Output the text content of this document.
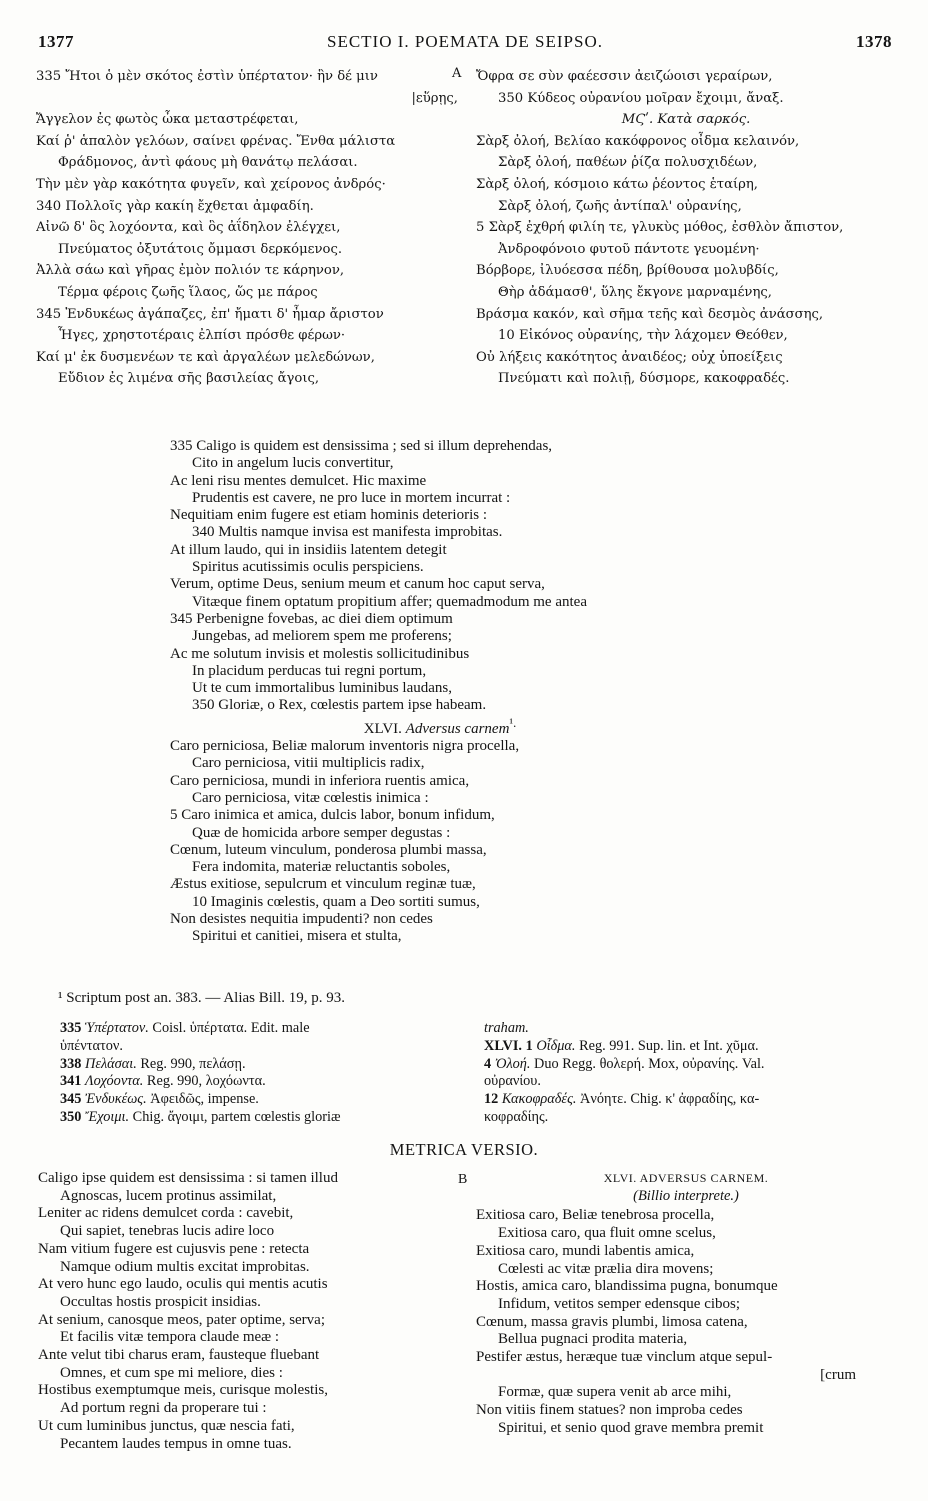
1377	SECTIO I. POEMATA DE SEIPSO.	1378
A

335 Ἤτοι ὁ μὲν σκότος ἐστὶν ὑπέρτατον· ἣν δέ μιν

|εὕρῃς,

Ἄγγελον ἐς φωτὸς ὦκα μεταστρέφεται,

Καί ῥ' ἁπαλὸν γελόων, σαίνει φρένας. Ἔνθα μάλιστα

Φράδμονος, ἀντὶ φάους μὴ θανάτῳ πελάσαι.

Τὴν μὲν γὰρ κακότητα φυγεῖν, καὶ χείρονος ἀνδρός·

340 Πολλοῖς γὰρ κακίη ἔχθεται ἀμφαδίη.

Αἰνῶ δ' ὃς λοχόοντα, καὶ ὃς ἀΐδηλον ἐλέγχει,

Πνεύματος ὀξυτάτοις ὄμμασι δερκόμενος.

Ἀλλὰ σάω καὶ γῆρας ἐμὸν πολιόν τε κάρηνον,

Τέρμα φέροις ζωῆς ἵλαος, ὥς με πάρος

345 Ἐνδυκέως ἀγάπαζες, ἐπ' ἤματι δ' ἦμαρ ἄριστον

Ἧγες, χρηστοτέραις ἐλπίσι πρόσθε φέρων·

Καί μ' ἐκ δυσμενέων τε καὶ ἀργαλέων μελεδώνων,

Εὔδιον ἐς λιμένα σῆς βασιλείας ἄγοις,

Ὄφρα σε σὺν φαέεσσιν ἀειζώοισι γεραίρων,

350 Κύδεος οὐρανίου μοῖραν ἔχοιμι, ἄναξ.

ΜϚʹ. Κατὰ σαρκός.

Σὰρξ ὀλοή, Βελίαο κακόφρονος οἶδμα κελαινόν,

Σὰρξ ὀλοή, παθέων ῥίζα πολυσχιδέων,

Σὰρξ ὀλοή, κόσμοιο κάτω ῥέοντος ἑταίρη,

Σὰρξ ὀλοή, ζωῆς ἀντίπαλ' οὐρανίης,

5 Σὰρξ ἐχθρή φιλίη τε, γλυκὺς μόθος, ἐσθλὸν ἄπιστον,

Ἀνδροφόνοιο φυτοῦ πάντοτε γευομένη·

Βόρβορε, ἰλυόεσσα πέδη, βρίθουσα μολυβδίς,

Θὴρ ἀδάμασθ', ὕλης ἔκγονε μαρναμένης,

Βράσμα κακόν, καὶ σῆμα τεῆς καὶ δεσμὸς ἀνάσσης,

10 Εἰκόνος οὐρανίης, τὴν λάχομεν Θεόθεν,

Οὐ λήξεις κακότητος ἀναιδέος; οὐχ ὑποείξεις

Πνεύματι καὶ πολιῇ, δύσμορε, κακοφραδές.

335 Caligo is quidem est densissima ; sed si illum deprehendas,

Cito in angelum lucis convertitur,

Ac leni risu mentes demulcet. Hic maxime

Prudentis est cavere, ne pro luce in mortem incurrat :

Nequitiam enim fugere est etiam hominis deterioris :

340 Multis namque invisa est manifesta improbitas.

At illum laudo, qui in insidiis latentem detegit

Spiritus acutissimis oculis perspiciens.

Verum, optime Deus, senium meum et canum hoc caput serva,

Vitæque finem optatum propitium affer; quemadmodum me antea

345 Perbenigne fovebas, ac diei diem optimum

Jungebas, ad meliorem spem me proferens;

Ac me solutum invisis et molestis sollicitudinibus

In placidum perducas tui regni portum,

Ut te cum immortalibus luminibus laudans,

350 Gloriæ, o Rex, cœlestis partem ipse habeam.

XLVI. Adversus carnem$^{^1.}$

Caro perniciosa, Beliæ malorum inventoris nigra procella,

Caro perniciosa, vitii multiplicis radix,

Caro perniciosa, mundi in inferiora ruentis amica,

Caro perniciosa, vitæ cœlestis inimica :

5 Caro inimica et amica, dulcis labor, bonum infidum,

Quæ de homicida arbore semper degustas :

Cœnum, luteum vinculum, ponderosa plumbi massa,

Fera indomita, materiæ reluctantis soboles,

Æstus exitiose, sepulcrum et vinculum reginæ tuæ,

10 Imaginis cœlestis, quam a Deo sortiti sumus,

Non desistes nequitia impudenti? non cedes

Spiritui et canitiei, misera et stulta,

¹ Scriptum post an. 383. — Alias Bill. 19, p. 93.

335 Ὑπέρτατον. Coisl. ὑπέρτατα. Edit. male

ὑπέντατον.

338 Πελάσαι. Reg. 990, πελάσῃ.

341 Λοχόοντα. Reg. 990, λοχόωντα.

345 Ἐνδυκέως. Ἀφειδῶς, impense.

350 Ἔχοιμι. Chig. ἄγοιμι, partem cœlestis gloriæ

traham.

XLVI. 1 Οἶδμα. Reg. 991. Sup. lin. et Int. χῦμα.

4 Ὀλοή. Duo Regg. θολερή. Mox, οὐρανίης. Val.

οὐρανίου.

12 Κακοφραδές. Ἀνόητε. Chig. κ' ἀφραδίης, κα-

κοφραδίης.

METRICA VERSIO.
B

Caligo ipse quidem est densissima : si tamen illud

Agnoscas, lucem protinus assimilat,

Leniter ac ridens demulcet corda : cavebit,

Qui sapiet, tenebras lucis adire loco

Nam vitium fugere est cujusvis pene : retecta

Namque odium multis excitat improbitas.

At vero hunc ego laudo, oculis qui mentis acutis

Occultas hostis prospicit insidias.

At senium, canosque meos, pater optime, serva;

Et facilis vitæ tempora claude meæ :

Ante velut tibi charus eram, fausteque fluebant

Omnes, et cum spe mi meliore, dies :

Hostibus exemptumque meis, curisque molestis,

Ad portum regni da properare tui :

Ut cum luminibus junctus, quæ nescia fati,

Pecantem laudes tempus in omne tuas.

XLVI. ADVERSUS CARNEM.

(Billio interprete.)

Exitiosa caro, Beliæ tenebrosa procella,

Exitiosa caro, qua fluit omne scelus,

Exitiosa caro, mundi labentis amica,

Cœlesti ac vitæ prælia dira movens;

Hostis, amica caro, blandissima pugna, bonumque

Infidum, vetitos semper edensque cibos;

Cœnum, massa gravis plumbi, limosa catena,

Bellua pugnaci prodita materia,

Pestifer æstus, heræque tuæ vinclum atque sepul-

[crum

Formæ, quæ supera venit ab arce mihi,

Non vitiis finem statues? non improba cedes

Spiritui, et senio quod grave membra premit
